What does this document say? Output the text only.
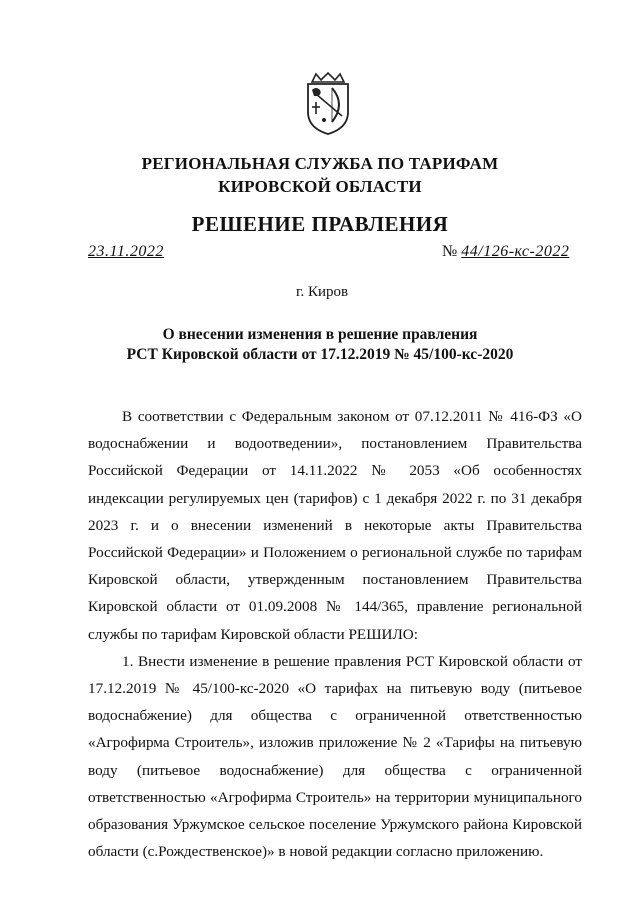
РЕГИОНАЛЬНАЯ СЛУЖБА ПО ТАРИФАМ
КИРОВСКОЙ ОБЛАСТИ
РЕШЕНИЕ ПРАВЛЕНИЯ
23.11.2022	№ 44/126-кс-2022
г. Киров
О внесении изменения в решение правления
РСТ Кировской области от 17.12.2019 № 45/100-кс-2020

В соответствии с Федеральным законом от 07.12.2011 № 416-ФЗ «О водоснабжении и водоотведении», постановлением Правительства Российской Федерации от 14.11.2022 № 2053 «Об особенностях индексации регулируемых цен (тарифов) с 1 декабря 2022 г. по 31 декабря 2023 г. и о внесении изменений в некоторые акты Правительства Российской Федерации» и Положением о региональной службе по тарифам Кировской области, утвержденным постановлением Правительства Кировской области от 01.09.2008 № 144/365, правление региональной службы по тарифам Кировской области РЕШИЛО:

1. Внести изменение в решение правления РСТ Кировской области от 17.12.2019 № 45/100-кс-2020 «О тарифах на питьевую воду (питьевое водоснабжение) для общества с ограниченной ответственностью «Агрофирма Строитель», изложив приложение № 2 «Тарифы на питьевую воду (питьевое водоснабжение) для общества с ограниченной ответственностью «Агрофирма Строитель» на территории муниципального образования Уржумское сельское поселение Уржумского района Кировской области (с.Рождественское)» в новой редакции согласно приложению.
